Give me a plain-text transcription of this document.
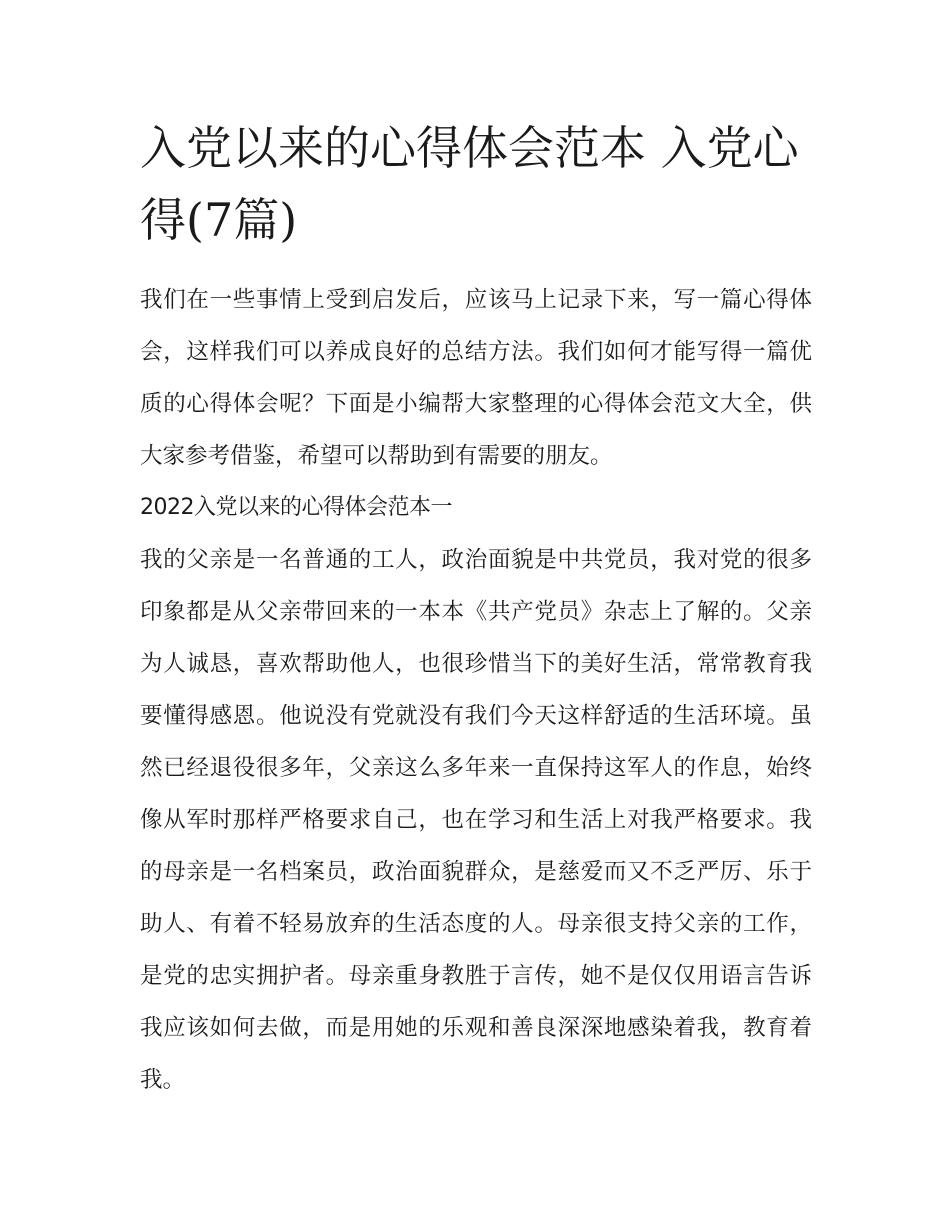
入党以来的心得体会范本 入党心得(7篇)

我们在一些事情上受到启发后，应该马上记录下来，写一篇心得体会，这样我们可以养成良好的总结方法。我们如何才能写得一篇优质的心得体会呢？下面是小编帮大家整理的心得体会范文大全，供大家参考借鉴，希望可以帮助到有需要的朋友。

2022入党以来的心得体会范本一

我的父亲是一名普通的工人，政治面貌是中共党员，我对党的很多印象都是从父亲带回来的一本本《共产党员》杂志上了解的。父亲为人诚恳，喜欢帮助他人，也很珍惜当下的美好生活，常常教育我要懂得感恩。他说没有党就没有我们今天这样舒适的生活环境。虽然已经退役很多年，父亲这么多年来一直保持这军人的作息，始终像从军时那样严格要求自己，也在学习和生活上对我严格要求。我的母亲是一名档案员，政治面貌群众，是慈爱而又不乏严厉、乐于助人、有着不轻易放弃的生活态度的人。母亲很支持父亲的工作，是党的忠实拥护者。母亲重身教胜于言传，她不是仅仅用语言告诉我应该如何去做，而是用她的乐观和善良深深地感染着我，教育着我。
